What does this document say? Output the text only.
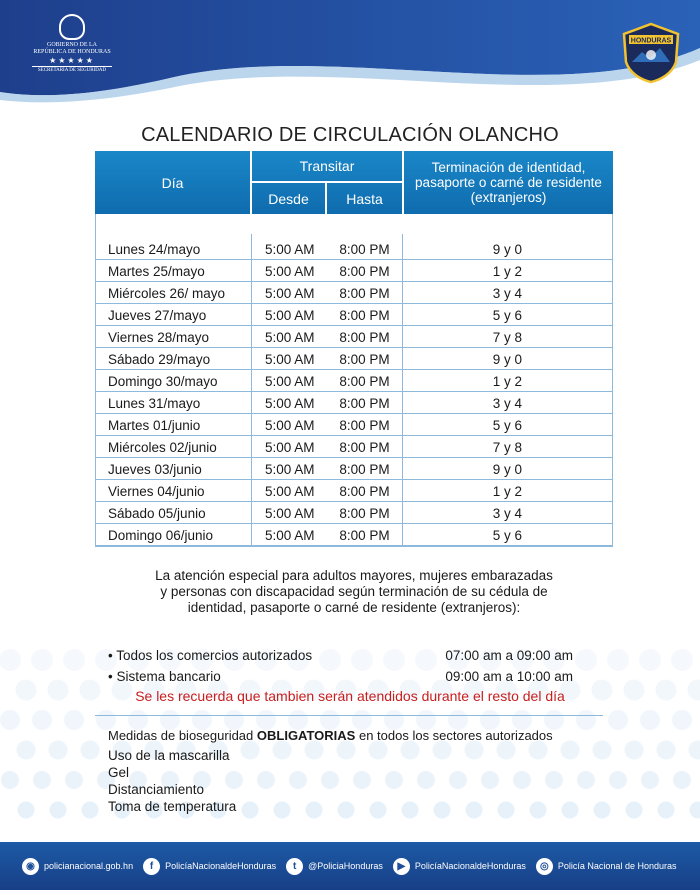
GOBIERNO DE LA
REPÚBLICA DE HONDURAS
★★★★★
SECRETARÍA DE SEGURIDAD
HONDURAS
CALENDARIO DE CIRCULACIÓN OLANCHO
Día
Transitar
Desde	Hasta
Terminación de identidad, pasaporte o carné de residente (extranjeros)
Lunes 24/mayo	5:00 AM	8:00 PM	9 y 0
Martes 25/mayo	5:00 AM	8:00 PM	1 y 2
Miércoles 26/ mayo	5:00 AM	8:00 PM	3 y 4
Jueves 27/mayo	5:00 AM	8:00 PM	5 y 6
Viernes 28/mayo	5:00 AM	8:00 PM	7 y 8
Sábado 29/mayo	5:00 AM	8:00 PM	9 y 0
Domingo 30/mayo	5:00 AM	8:00 PM	1 y 2
Lunes 31/mayo	5:00 AM	8:00 PM	3 y 4
Martes 01/junio	5:00 AM	8:00 PM	5 y 6
Miércoles 02/junio	5:00 AM	8:00 PM	7 y 8
Jueves 03/junio	5:00 AM	8:00 PM	9 y 0
Viernes 04/junio	5:00 AM	8:00 PM	1 y 2
Sábado 05/junio	5:00 AM	8:00 PM	3 y 4
Domingo 06/junio	5:00 AM	8:00 PM	5 y 6
La atención especial para adultos mayores, mujeres embarazadas
y personas con discapacidad según terminación de su cédula de
identidad, pasaporte o carné de residente (extranjeros):
• Todos los comercios autorizados	07:00 am a 09:00 am
• Sistema bancario	09:00 am a 10:00 am
Se les recuerda que tambien serán atendidos durante el resto del día
Medidas de bioseguridad OBLIGATORIAS en todos los sectores autorizados
Uso de la mascarilla
Gel
Distanciamiento
Toma de temperatura
◉	policianacional.gob.hn	f	PolicíaNacionaldeHonduras	t	@PoliciaHonduras	▶	PolicíaNacionaldeHonduras	◎	Policía Nacional de Honduras
